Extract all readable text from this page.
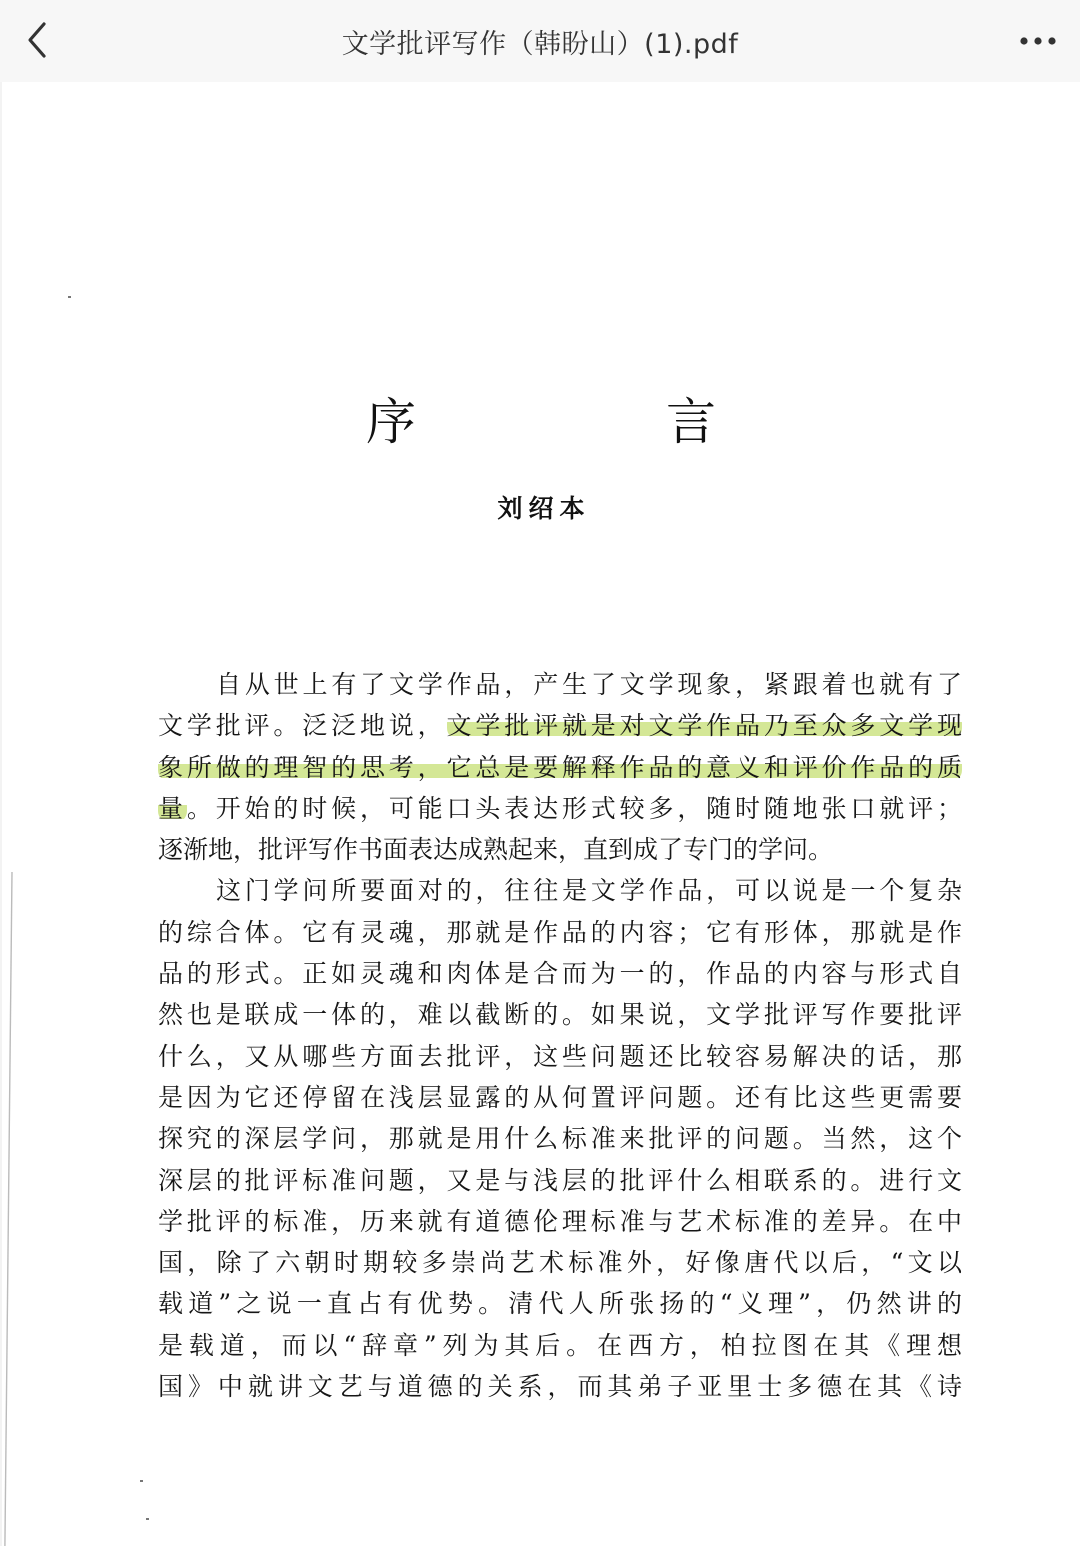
文学批评写作（韩盼山）(1).pdf
序　言
刘绍本
自从世上有了文学作品，产生了文学现象，紧跟着也就有了
文学批评。泛泛地说，文学批评就是对文学作品乃至众多文学现
象所做的理智的思考，它总是要解释作品的意义和评价作品的质
量。开始的时候，可能口头表达形式较多，随时随地张口就评；
逐渐地，批评写作书面表达成熟起来，直到成了专门的学问。
这门学问所要面对的，往往是文学作品，可以说是一个复杂
的综合体。它有灵魂，那就是作品的内容；它有形体，那就是作
品的形式。正如灵魂和肉体是合而为一的，作品的内容与形式自
然也是联成一体的，难以截断的。如果说，文学批评写作要批评
什么，又从哪些方面去批评，这些问题还比较容易解决的话，那
是因为它还停留在浅层显露的从何置评问题。还有比这些更需要
探究的深层学问，那就是用什么标准来批评的问题。当然，这个
深层的批评标准问题，又是与浅层的批评什么相联系的。进行文
学批评的标准，历来就有道德伦理标准与艺术标准的差异。在中
国，除了六朝时期较多崇尚艺术标准外，好像唐代以后，“文以
载道”之说一直占有优势。清代人所张扬的“义理”，仍然讲的
是载道，而以“辞章”列为其后。在西方，柏拉图在其《理想
国》中就讲文艺与道德的关系，而其弟子亚里士多德在其《诗
